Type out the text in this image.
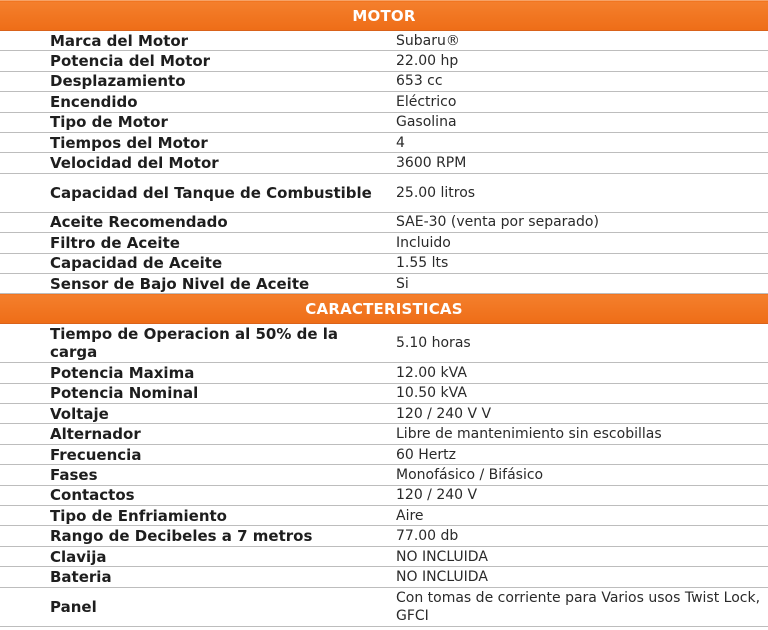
MOTOR		
	Marca del Motor	Subaru®
	Potencia del Motor	22.00 hp
	Desplazamiento	653 cc
	Encendido	Eléctrico
	Tipo de Motor	Gasolina
	Tiempos del Motor	4
	Velocidad del Motor	3600 RPM
	Capacidad del Tanque de Combustible	25.00 litros
	Aceite Recomendado	SAE-30 (venta por separado)
	Filtro de Aceite	Incluido
	Capacidad de Aceite	1.55 lts
	Sensor de Bajo Nivel de Aceite	Si
CARACTERISTICAS		
	Tiempo de Operacion al 50% de la carga	5.10 horas
	Potencia Maxima	12.00 kVA
	Potencia Nominal	10.50 kVA
	Voltaje	120 / 240 V V
	Alternador	Libre de mantenimiento sin escobillas
	Frecuencia	60 Hertz
	Fases	Monofásico / Bifásico
	Contactos	120 / 240 V
	Tipo de Enfriamiento	Aire
	Rango de Decibeles a 7 metros	77.00 db
	Clavija	NO INCLUIDA
	Bateria	NO INCLUIDA
	Panel	Con tomas de corriente para Varios usos Twist Lock, GFCI
